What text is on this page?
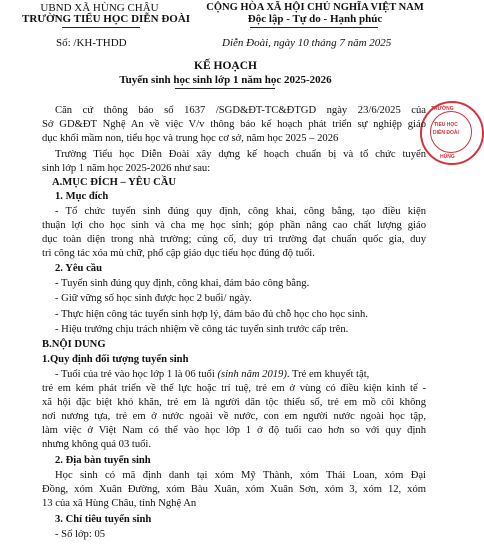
UBND XÃ HÙNG CHÂU
TRƯỜNG TIỂU HỌC DIỄN ĐOÀI
CỘNG HÒA XÃ HỘI CHỦ NGHĨA VIỆT NAM
Độc lập - Tự do - Hạnh phúc
Số: /KH-THDD	Diễn Đoài, ngày 10 tháng 7 năm 2025
KẾ HOẠCH
Tuyển sinh học sinh lớp 1 năm học 2025-2026
TRƯỜNG
TIỂU HỌC
DIỄN ĐOÀI
HÙNG
Căn cứ thông báo số 1637 /SGD&ĐT-TC&ĐTGD ngày 23/6/2025 của
Sở GD&ĐT Nghệ An về việc V/v thông báo kế hoạch phát triển sự nghiệp giáo
dục khối mầm non, tiểu học và trung học cơ sở, năm học 2025 – 2026
Trường Tiểu học Diễn Đoài xây dựng kế hoạch chuẩn bị và tổ chức tuyển
sinh lớp 1 năm học 2025-2026 như sau:
A.MỤC ĐÍCH – YÊU CẦU
1. Mục đích
- Tổ chức tuyển sinh đúng quy định, công khai, công bằng, tạo điều kiện
thuận lợi cho học sinh và cha mẹ học sinh; góp phần nâng cao chất lượng giáo
dục toàn diện trong nhà trường; củng cố, duy trì trường đạt chuẩn quốc gia, duy
trì công tác xóa mù chữ, phổ cập giáo dục tiểu học đúng độ tuổi.
2. Yêu cầu
- Tuyển sinh đúng quy định, công khai, đảm bảo công bằng.
- Giữ vững số học sinh được học 2 buổi/ ngày.
- Thực hiện công tác tuyển sinh hợp lý, đảm bảo đủ chỗ học cho học sinh.
- Hiệu trưởng chịu trách nhiệm về công tác tuyển sinh trước cấp trên.
B.NỘI DUNG
1.Quy định đối tượng tuyển sinh
- Tuổi của trẻ vào học lớp 1 là 06 tuổi (sinh năm 2019). Trẻ em khuyết tật,
trẻ em kém phát triển về thể lực hoặc trí tuệ, trẻ em ở vùng có điều kiện kinh tế -
xã hội đặc biệt khó khăn, trẻ em là người dân tộc thiểu số, trẻ em mồ côi không
nơi nương tựa, trẻ em ở nước ngoài về nước, con em người nước ngoài học tập,
làm việc ở Việt Nam có thể vào học lớp 1 ở độ tuổi cao hơn so với quy định
nhưng không quá 03 tuổi.
2. Địa bàn tuyển sinh
Học sinh có mã định danh tại xóm Mỹ Thành, xóm Thái Loan, xóm Đại
Đồng, xóm Xuân Đường, xóm Bàu Xuân, xóm Xuân Sơn, xóm 3, xóm 12, xóm
13 của xã Hùng Châu, tỉnh Nghệ An
3. Chỉ tiêu tuyển sinh
- Số lớp: 05
